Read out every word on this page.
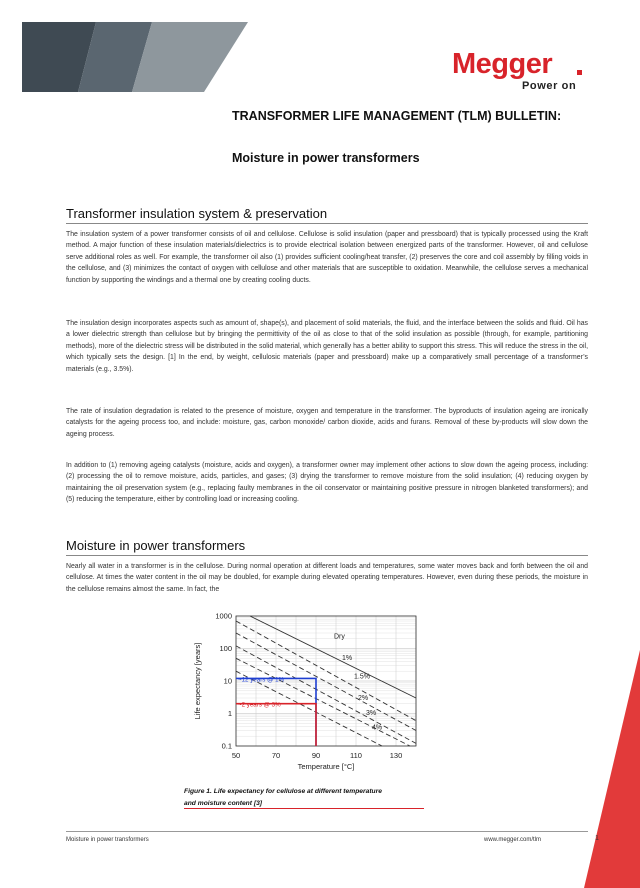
Megger
Power on
TRANSFORMER LIFE MANAGEMENT (TLM) BULLETIN:
Moisture in power transformers
Transformer insulation system & preservation

The insulation system of a power transformer consists of oil and cellulose. Cellulose is solid insulation (paper and pressboard) that is typically processed using the Kraft method. A major function of these insulation materials/dielectrics is to provide electrical isolation between energized parts of the transformer. However, oil and cellulose serve additional roles as well. For example, the transformer oil also (1) provides sufficient cooling/heat transfer, (2) preserves the core and coil assembly by filling voids in the cellulose, and (3) minimizes the contact of oxygen with cellulose and other materials that are susceptible to oxidation. Meanwhile, the cellulose serves a mechanical function by supporting the windings and a thermal one by creating cooling ducts.

The insulation design incorporates aspects such as amount of, shape(s), and placement of solid materials, the fluid, and the interface between the solids and fluid. Oil has a lower dielectric strength than cellulose but by bringing the permittivity of the oil as close to that of the solid insulation as possible (through, for example, partitioning methods), more of the dielectric stress will be distributed in the solid material, which generally has a better ability to support this stress. This will reduce the stress in the oil, which typically sets the design. [1] In the end, by weight, cellulosic materials (paper and pressboard) make up a comparatively small percentage of a transformer’s materials (e.g., 3.5%).

The rate of insulation degradation is related to the presence of moisture, oxygen and temperature in the transformer. The byproducts of insulation ageing are ironically catalysts for the ageing process too, and include: moisture, gas, carbon monoxide/ carbon dioxide, acids and furans. Removal of these by-products will slow down the ageing process.

In addition to (1) removing ageing catalysts (moisture, acids and oxygen), a transformer owner may implement other actions to slow down the ageing process, including: (2) processing the oil to remove moisture, acids, particles, and gases; (3) drying the transformer to remove moisture from the solid insulation; (4) reducing oxygen by maintaining the oil preservation system (e.g., replacing faulty membranes in the oil conservator or maintaining positive pressure in nitrogen blanketed transformers); and (5) reducing the temperature, either by controlling load or increasing cooling.

Moisture in power transformers

Nearly all water in a transformer is in the cellulose. During normal operation at different loads and temperatures, some water moves back and forth between the oil and cellulose. At times the water content in the oil may be doubled, for example during elevated operating temperatures. However, even during these periods, the moisture in the cellulose remains almost the same. In fact, the

Dry
1%
1.5%
2%
3%
4%
~12 years @ 1%
~2 years @ 3%
1000
100
10
1
0.1
50	70	90	110	130
Temperature [°C]
Life expectancy [years]
Figure 1. Life expectancy for cellulose at different temperature
and moisture content [3]
Moisture in power transformers	www.megger.com/tlm	1
